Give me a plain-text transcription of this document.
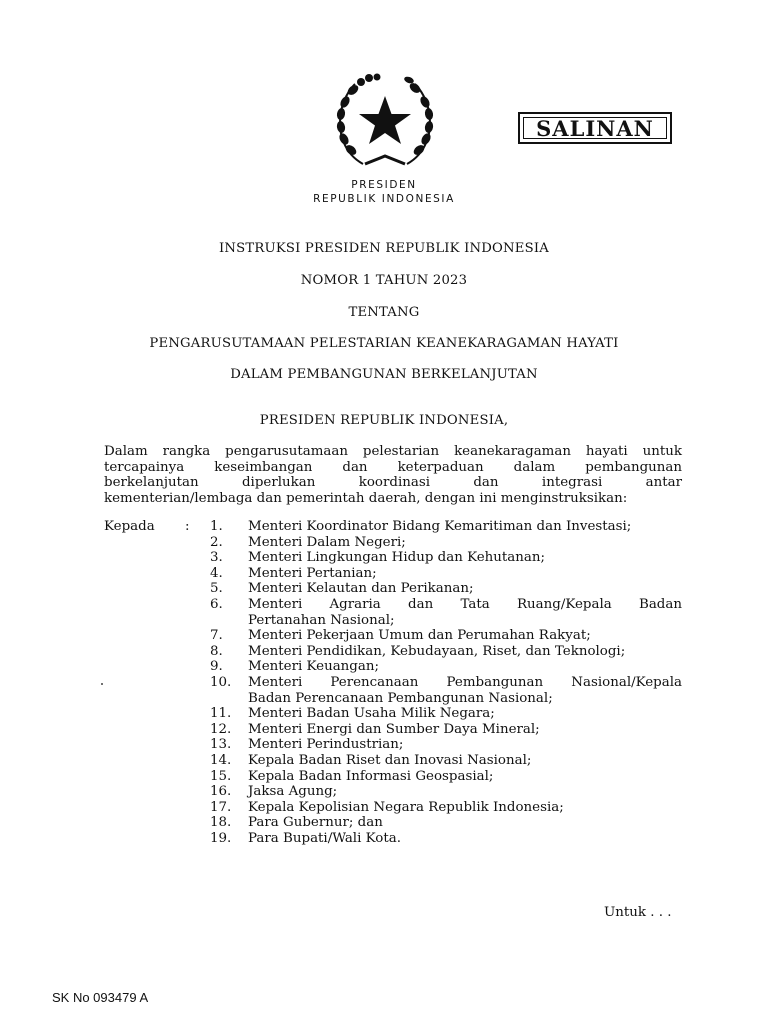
SALINAN
PRESIDEN
REPUBLIK INDONESIA
INSTRUKSI PRESIDEN REPUBLIK INDONESIA
NOMOR 1 TAHUN 2023
TENTANG
PENGARUSUTAMAAN PELESTARIAN KEANEKARAGAMAN HAYATI
DALAM PEMBANGUNAN BERKELANJUTAN
PRESIDEN REPUBLIK INDONESIA,
Dalam rangka pengarusutamaan pelestarian keanekaragaman hayati untuk
tercapainya keseimbangan dan keterpaduan dalam pembangunan
berkelanjutan diperlukan koordinasi dan integrasi antar
kementerian/lembaga dan pemerintah daerah, dengan ini menginstruksikan:
Kepada : 1.	Menteri Koordinator Bidang Kemaritiman dan Investasi;
2.	Menteri Dalam Negeri;
3.	Menteri Lingkungan Hidup dan Kehutanan;
4.	Menteri Pertanian;
5.	Menteri Kelautan dan Perikanan;
6.	Menteri Agraria dan Tata Ruang/Kepala Badan
Pertanahan Nasional;
7.	Menteri Pekerjaan Umum dan Perumahan Rakyat;
8.	Menteri Pendidikan, Kebudayaan, Riset, dan Teknologi;
9.	Menteri Keuangan;
10.	Menteri Perencanaan Pembangunan Nasional/Kepala
Badan Perencanaan Pembangunan Nasional;
11.	Menteri Badan Usaha Milik Negara;
12.	Menteri Energi dan Sumber Daya Mineral;
13.	Menteri Perindustrian;
14.	Kepala Badan Riset dan Inovasi Nasional;
15.	Kepala Badan Informasi Geospasial;
16.	Jaksa Agung;
17.	Kepala Kepolisian Negara Republik Indonesia;
18.	Para Gubernur; dan
19.	Para Bupati/Wali Kota.
Untuk . . .
SK No 093479 A
